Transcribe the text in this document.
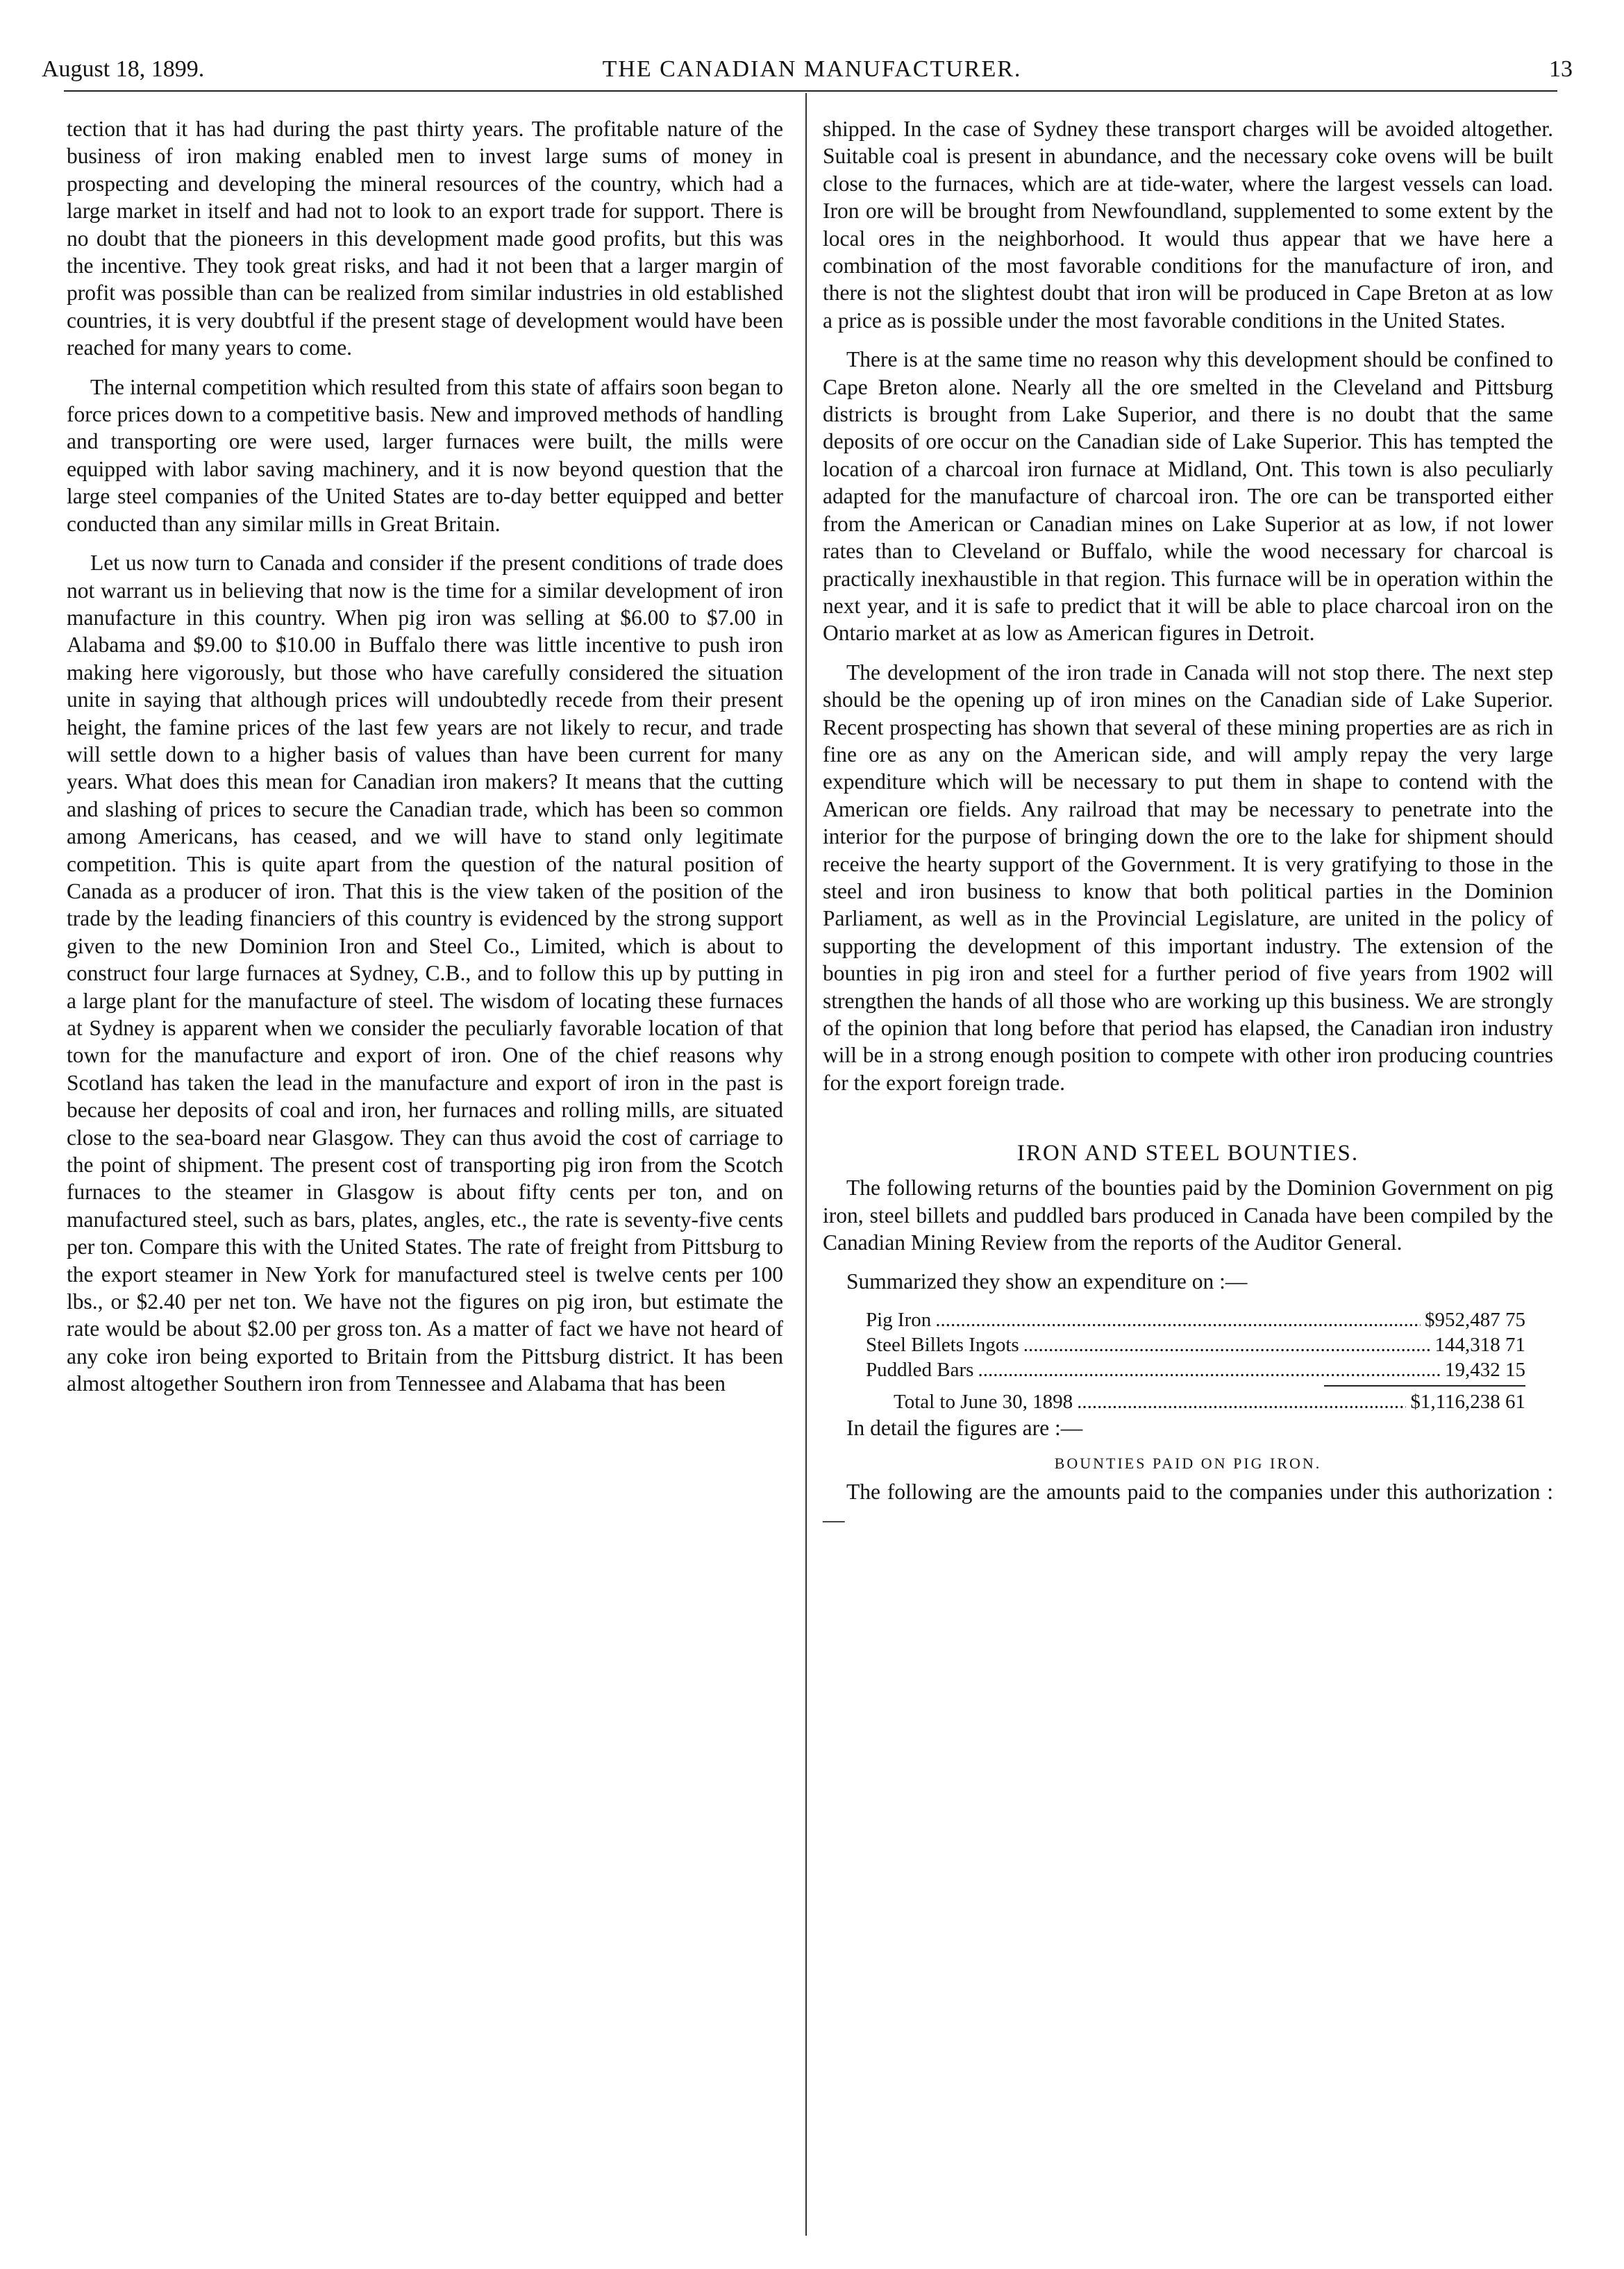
August 18, 1899.	THE CANADIAN MANUFACTURER.	13

tection that it has had during the past thirty years. The profitable nature of the business of iron making enabled men to invest large sums of money in prospecting and developing the mineral resources of the country, which had a large market in itself and had not to look to an export trade for support. There is no doubt that the pioneers in this development made good profits, but this was the incentive. They took great risks, and had it not been that a larger margin of profit was possible than can be realized from similar industries in old established countries, it is very doubtful if the present stage of development would have been reached for many years to come.

The internal competition which resulted from this state of affairs soon began to force prices down to a competitive basis. New and improved methods of handling and transporting ore were used, larger furnaces were built, the mills were equipped with labor saving machinery, and it is now beyond question that the large steel companies of the United States are to-day better equipped and better conducted than any similar mills in Great Britain.

Let us now turn to Canada and consider if the present conditions of trade does not warrant us in believing that now is the time for a similar development of iron manufacture in this country. When pig iron was selling at $6.00 to $7.00 in Alabama and $9.00 to $10.00 in Buffalo there was little incentive to push iron making here vigorously, but those who have carefully considered the situation unite in saying that although prices will undoubtedly recede from their present height, the famine prices of the last few years are not likely to recur, and trade will settle down to a higher basis of values than have been current for many years. What does this mean for Canadian iron makers? It means that the cutting and slashing of prices to secure the Canadian trade, which has been so common among Americans, has ceased, and we will have to stand only legitimate competition. This is quite apart from the question of the natural position of Canada as a producer of iron. That this is the view taken of the position of the trade by the leading financiers of this country is evidenced by the strong support given to the new Dominion Iron and Steel Co., Limited, which is about to construct four large furnaces at Sydney, C.B., and to follow this up by putting in a large plant for the manufacture of steel. The wisdom of locating these furnaces at Sydney is apparent when we consider the peculiarly favorable location of that town for the manufacture and export of iron. One of the chief reasons why Scotland has taken the lead in the manufacture and export of iron in the past is because her deposits of coal and iron, her furnaces and rolling mills, are situated close to the sea-board near Glasgow. They can thus avoid the cost of carriage to the point of shipment. The present cost of transporting pig iron from the Scotch furnaces to the steamer in Glasgow is about fifty cents per ton, and on manufactured steel, such as bars, plates, angles, etc., the rate is seventy-five cents per ton. Compare this with the United States. The rate of freight from Pittsburg to the export steamer in New York for manufactured steel is twelve cents per 100 lbs., or $2.40 per net ton. We have not the figures on pig iron, but estimate the rate would be about $2.00 per gross ton. As a matter of fact we have not heard of any coke iron being exported to Britain from the Pittsburg district. It has been almost altogether Southern iron from Tennessee and Alabama that has been

shipped. In the case of Sydney these transport charges will be avoided altogether. Suitable coal is present in abundance, and the necessary coke ovens will be built close to the furnaces, which are at tide-water, where the largest vessels can load. Iron ore will be brought from Newfoundland, supplemented to some extent by the local ores in the neighborhood. It would thus appear that we have here a combination of the most favorable conditions for the manufacture of iron, and there is not the slightest doubt that iron will be produced in Cape Breton at as low a price as is possible under the most favorable conditions in the United States.

There is at the same time no reason why this development should be confined to Cape Breton alone. Nearly all the ore smelted in the Cleveland and Pittsburg districts is brought from Lake Superior, and there is no doubt that the same deposits of ore occur on the Canadian side of Lake Superior. This has tempted the location of a charcoal iron furnace at Midland, Ont. This town is also peculiarly adapted for the manufacture of charcoal iron. The ore can be transported either from the American or Canadian mines on Lake Superior at as low, if not lower rates than to Cleveland or Buffalo, while the wood necessary for charcoal is practically inexhaustible in that region. This furnace will be in operation within the next year, and it is safe to predict that it will be able to place charcoal iron on the Ontario market at as low as American figures in Detroit.

The development of the iron trade in Canada will not stop there. The next step should be the opening up of iron mines on the Canadian side of Lake Superior. Recent prospecting has shown that several of these mining properties are as rich in fine ore as any on the American side, and will amply repay the very large expenditure which will be necessary to put them in shape to contend with the American ore fields. Any railroad that may be necessary to penetrate into the interior for the purpose of bringing down the ore to the lake for shipment should receive the hearty support of the Government. It is very gratifying to those in the steel and iron business to know that both political parties in the Dominion Parliament, as well as in the Provincial Legislature, are united in the policy of supporting the development of this important industry. The extension of the bounties in pig iron and steel for a further period of five years from 1902 will strengthen the hands of all those who are working up this business. We are strongly of the opinion that long before that period has elapsed, the Canadian iron industry will be in a strong enough position to compete with other iron producing countries for the export foreign trade.

IRON AND STEEL BOUNTIES.

The following returns of the bounties paid by the Dominion Government on pig iron, steel billets and puddled bars produced in Canada have been compiled by the Canadian Mining Review from the reports of the Auditor General.

Summarized they show an expenditure on :—

Pig Iron .....	$952,487 75
Steel Billets Ingots .....	144,318 71
Puddled Bars .....	19,432 15
Total to June 30, 1898 .....	$1,116,238 61

In detail the figures are :—

BOUNTIES PAID ON PIG IRON.

The following are the amounts paid to the companies under this authorization :—
